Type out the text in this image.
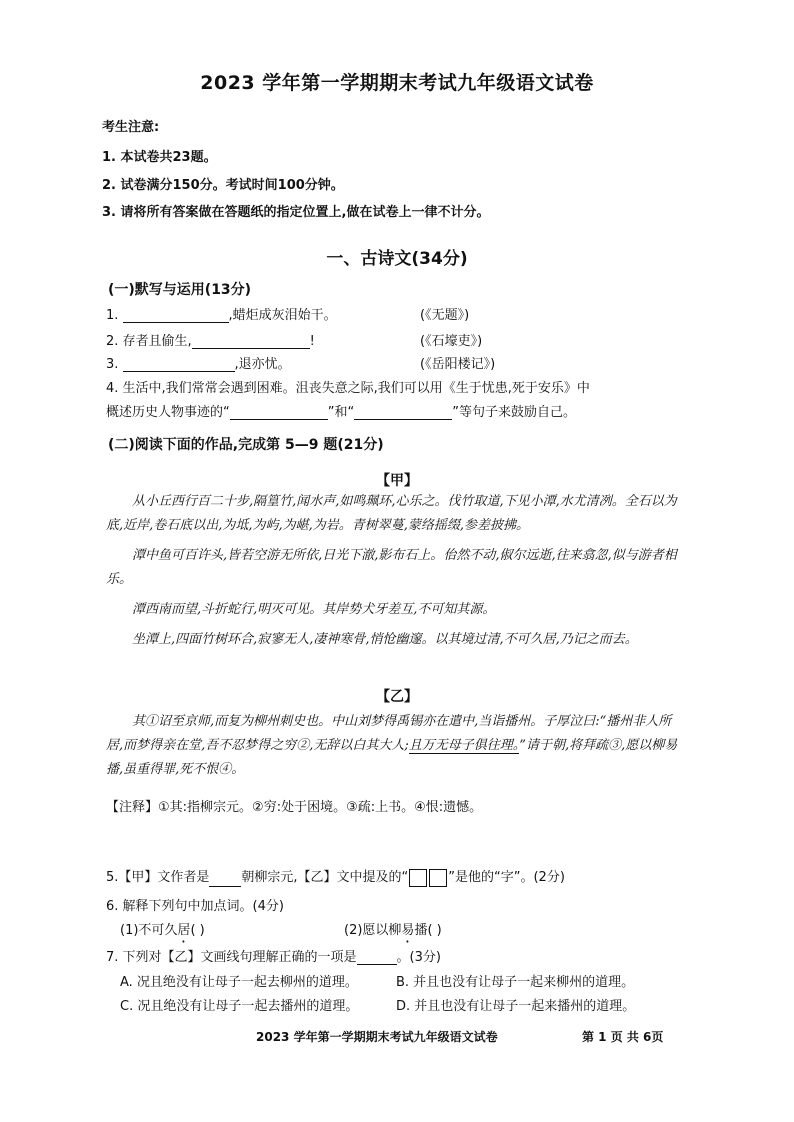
2023 学年第一学期期末考试九年级语文试卷
考生注意:
1. 本试卷共23题。
2. 试卷满分150分。考试时间100分钟。
3. 请将所有答案做在答题纸的指定位置上,做在试卷上一律不计分。
一、古诗文(34分)
(一)默写与运用(13分)
1.	,蜡炬成灰泪始干。	(《无题》)
2. 存者且偷生,	!	(《石壕吏》)
3.	,退亦忧。	(《岳阳楼记》)
4. 生活中,我们常常会遇到困难。沮丧失意之际,我们可以用《生于忧患,死于安乐》中
概述历史人物事迹的“	”和“	”等句子来鼓励自己。
(二)阅读下面的作品,完成第 5—9 题(21分)
【甲】

从小丘西行百二十步,隔篁竹,闻水声,如鸣珮环,心乐之。伐竹取道,下见小潭,水尤清冽。全石以为底,近岸,卷石底以出,为坻,为屿,为嵁,为岩。青树翠蔓,蒙络摇缀,参差披拂。

潭中鱼可百许头,皆若空游无所依,日光下澈,影布石上。佁然不动,俶尔远逝,往来翕忽,似与游者相乐。

潭西南而望,斗折蛇行,明灭可见。其岸势犬牙差互,不可知其源。

坐潭上,四面竹树环合,寂寥无人,凄神寒骨,悄怆幽邃。以其境过清,不可久居,乃记之而去。

【乙】

其①诏至京师,而复为柳州刺史也。中山刘梦得禹锡亦在遣中,当诣播州。子厚泣曰:“播州非人所居,而梦得亲在堂,吾不忍梦得之穷②,无辞以白其大人;且万无母子俱往理。”请于朝,将拜疏③,愿以柳易播,虽重得罪,死不恨④。

【注释】①其:指柳宗元。②穷:处于困境。③疏:上书。④恨:遗憾。
5.【甲】文作者是 朝柳宗元,【乙】文中提及的“	”是他的“字”。(2分)
6. 解释下列句中加点词。(4分)
(1)不可久居( )	(2)愿以柳易播( )
7. 下列对【乙】文画线句理解正确的一项是	。(3分)
A. 况且绝没有让母子一起去柳州的道理。	B. 并且也没有让母子一起来柳州的道理。
C. 况且绝没有让母子一起去播州的道理。	D. 并且也没有让母子一起来播州的道理。
2023 学年第一学期期末考试九年级语文试卷	第 1 页 共 6页
